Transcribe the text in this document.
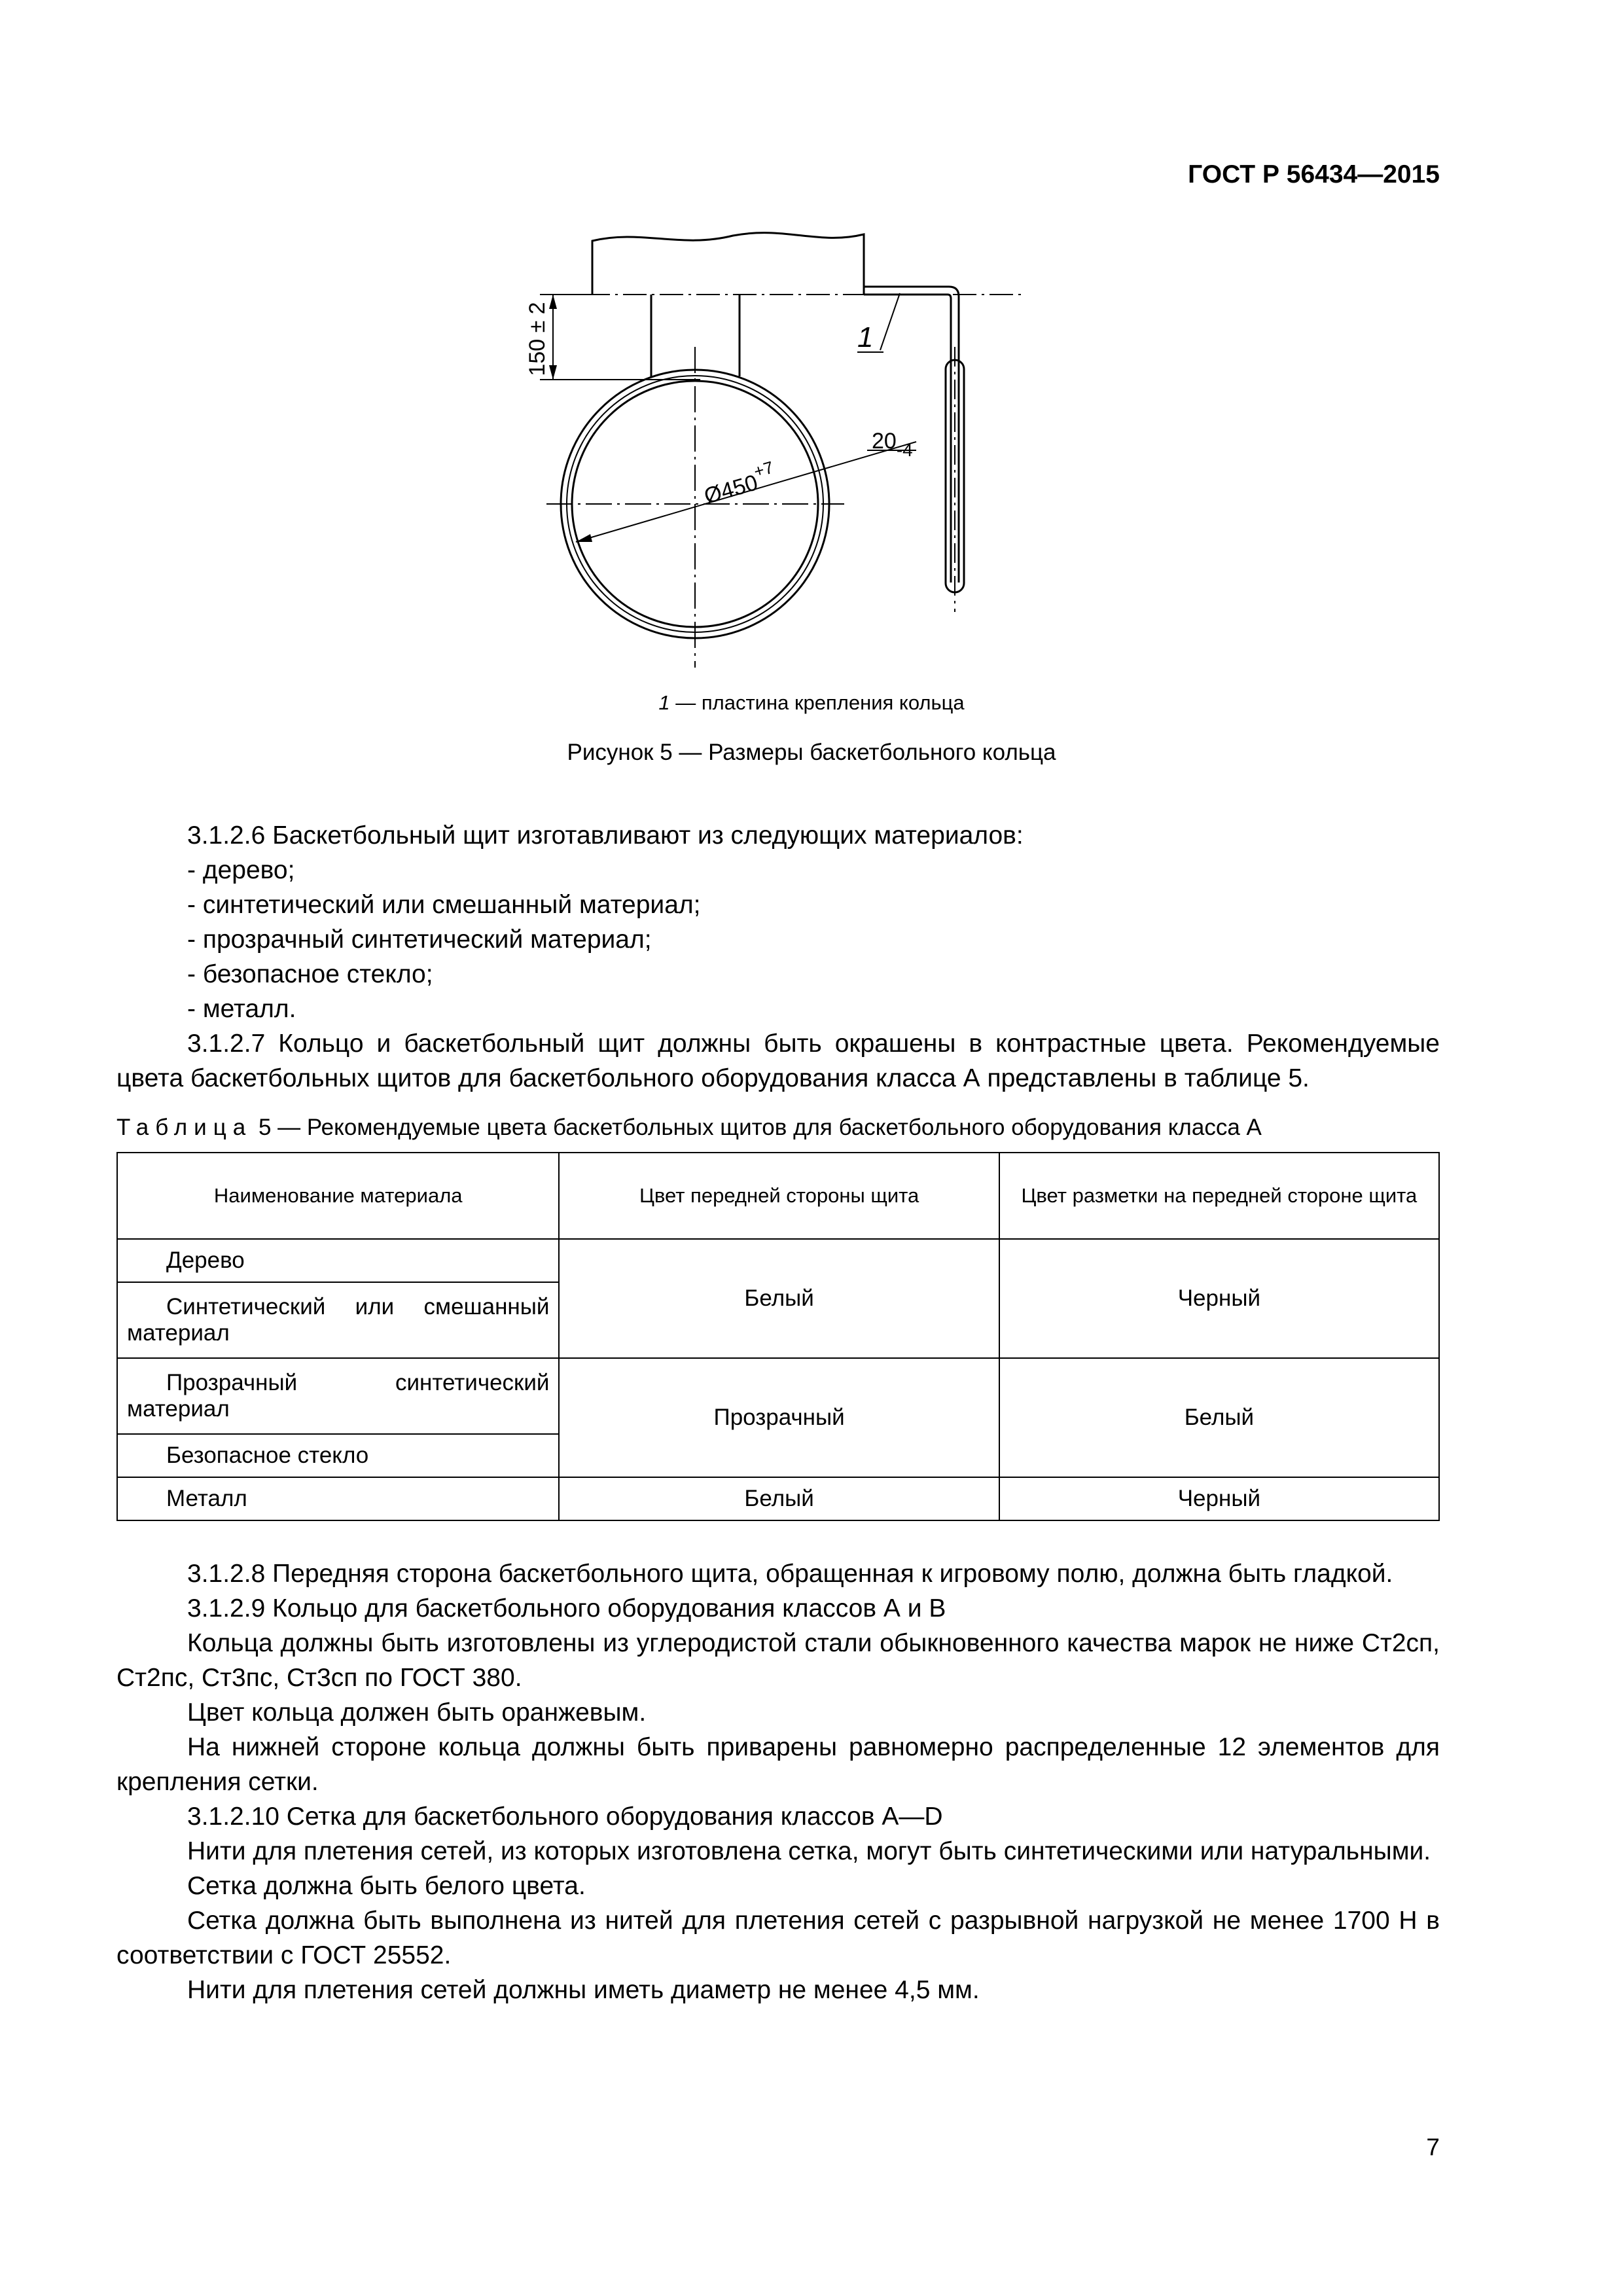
ГОСТ Р 56434—2015
150 ± 2
$Ø450^{+7}$
$20_{-4}$
1
1 — пластина крепления кольца
Рисунок 5 — Размеры баскетбольного кольца

3.1.2.6 Баскетбольный щит изготавливают из следующих материалов:

- дерево;

- синтетический или смешанный материал;

- прозрачный синтетический материал;

- безопасное стекло;

- металл.

3.1.2.7 Кольцо и баскетбольный щит должны быть окрашены в контрастные цвета. Рекомендуемые цвета баскетбольных щитов для баскетбольного оборудования класса А представлены в таблице 5.

Таблица 5 — Рекомендуемые цвета баскетбольных щитов для баскетбольного оборудования класса А
Наименование материала	Цвет передней стороны щита	Цвет разметки на передней стороне щита
Дерево	Белый	Черный
Синтетический или смешанный материал		
Прозрачный синтетический материал	Прозрачный	Белый
Безопасное стекло		
Металл	Белый	Черный

3.1.2.8 Передняя сторона баскетбольного щита, обращенная к игровому полю, должна быть гладкой.

3.1.2.9 Кольцо для баскетбольного оборудования классов А и В

Кольца должны быть изготовлены из углеродистой стали обыкновенного качества марок не ниже Ст2сп, Ст2пс, Ст3пс, Ст3сп по ГОСТ 380.

Цвет кольца должен быть оранжевым.

На нижней стороне кольца должны быть приварены равномерно распределенные 12 элементов для крепления сетки.

3.1.2.10 Сетка для баскетбольного оборудования классов А—D

Нити для плетения сетей, из которых изготовлена сетка, могут быть синтетическими или натуральными.

Сетка должна быть белого цвета.

Сетка должна быть выполнена из нитей для плетения сетей с разрывной нагрузкой не менее 1700 Н в соответствии с ГОСТ 25552.

Нити для плетения сетей должны иметь диаметр не менее 4,5 мм.

7
